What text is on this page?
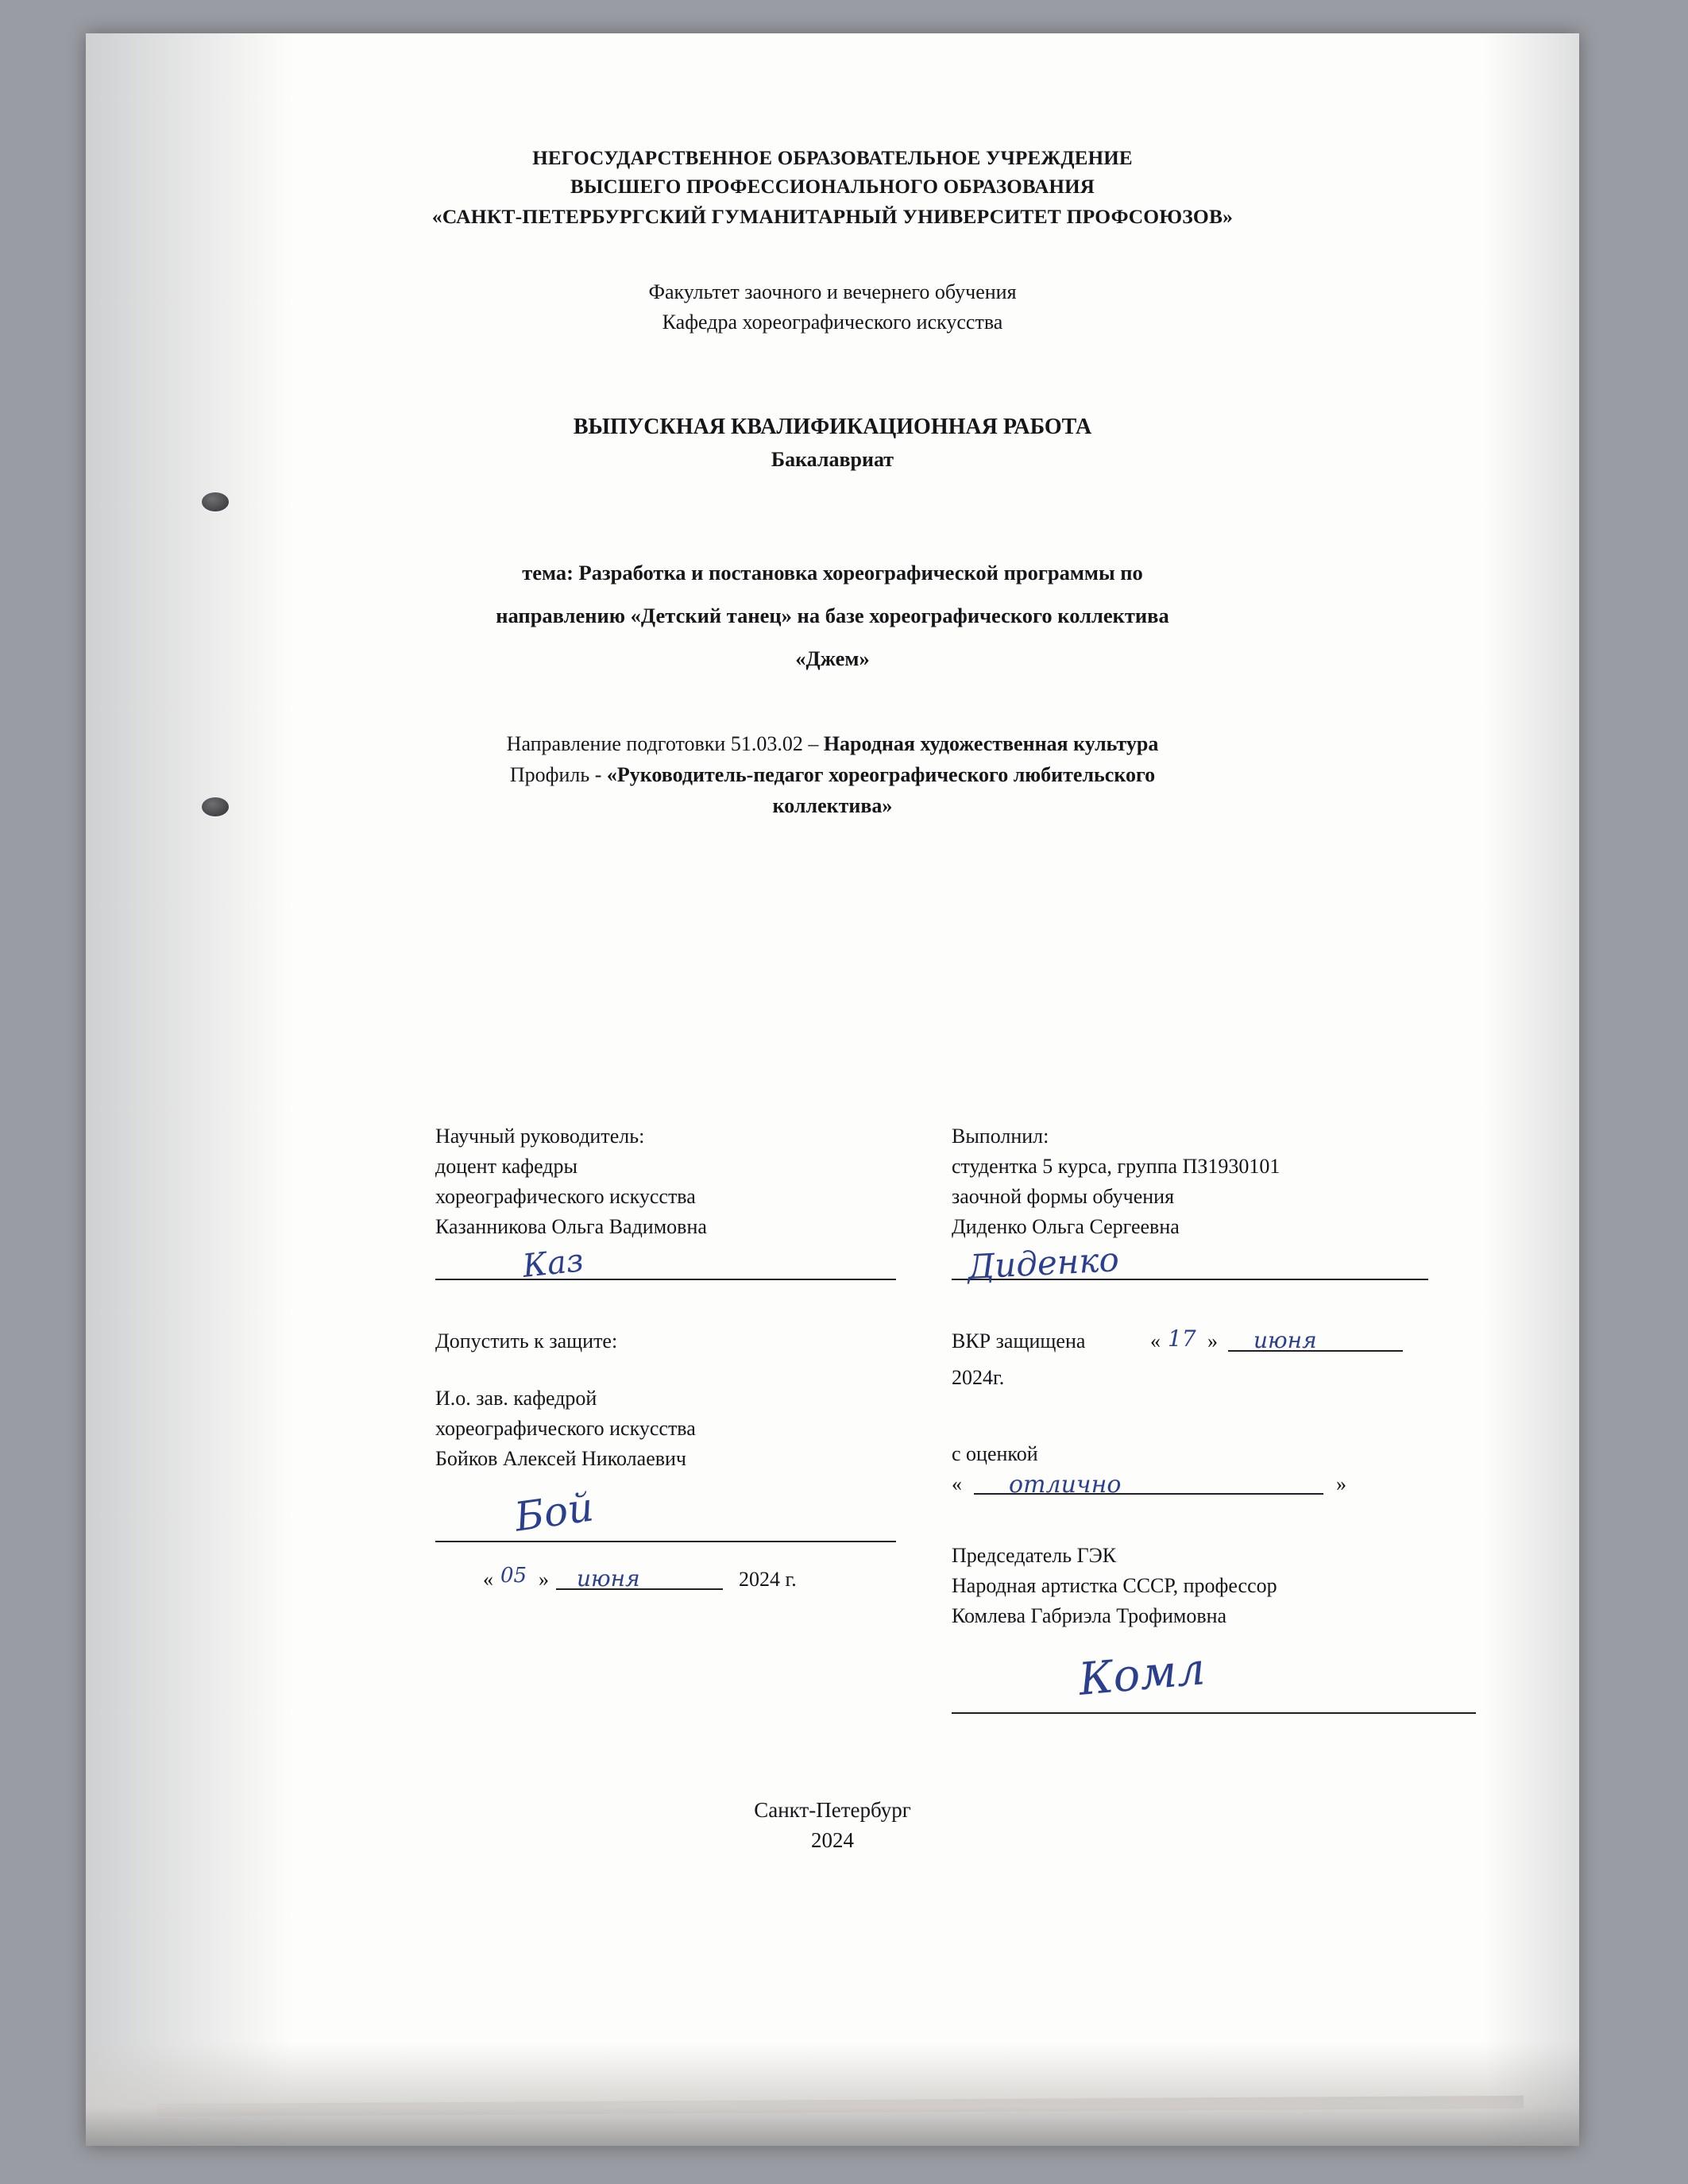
НЕГОСУДАРСТВЕННОЕ ОБРАЗОВАТЕЛЬНОЕ УЧРЕЖДЕНИЕ
ВЫСШЕГО ПРОФЕССИОНАЛЬНОГО ОБРАЗОВАНИЯ
«САНКТ-ПЕТЕРБУРГСКИЙ ГУМАНИТАРНЫЙ УНИВЕРСИТЕТ ПРОФСОЮЗОВ»
Факультет заочного и вечернего обучения
Кафедра хореографического искусства
ВЫПУСКНАЯ КВАЛИФИКАЦИОННАЯ РАБОТА
Бакалавриат
тема: Разработка и постановка хореографической программы по
направлению «Детский танец» на базе хореографического коллектива
«Джем»
Направление подготовки 51.03.02 – Народная художественная культура
Профиль - «Руководитель-педагог хореографического любительского
коллектива»
Научный руководитель:
доцент кафедры
хореографического искусства
Казанникова Ольга Вадимовна
Каз
Допустить к защите:
И.о. зав. кафедрой
хореографического искусства
Бойков Алексей Николаевич
Бой
« 05 » июня	2024 г.
Выполнил:
студентка 5 курса, группа ПЗ1930101
заочной формы обучения
Диденко Ольга Сергеевна
Диденко
ВКР защищена	« 17 » июня
2024г.
с оценкой
« отлично	»
Председатель ГЭК
Народная артистка СССР, профессор
Комлева Габриэла Трофимовна
Комл
Санкт-Петербург
2024
